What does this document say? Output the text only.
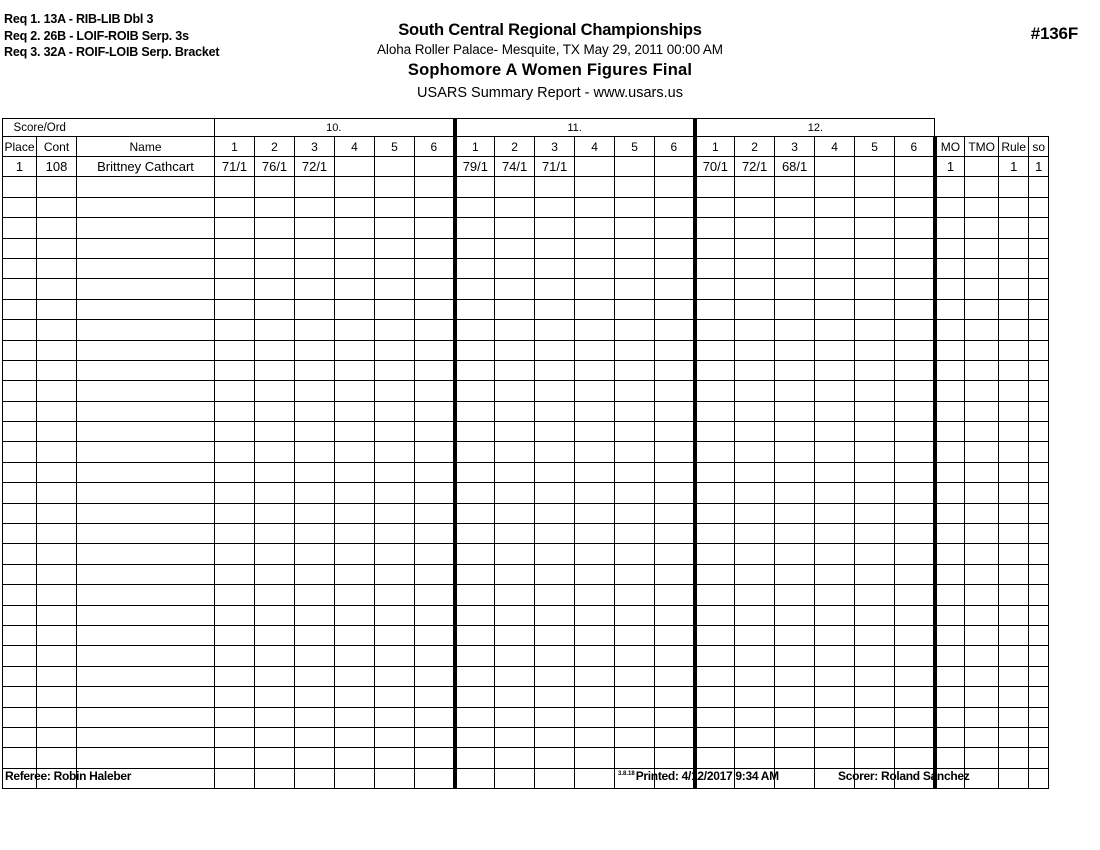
Req 1. 13A - RIB-LIB Dbl 3
Req 2. 26B - LOIF-ROIB Serp. 3s
Req 3. 32A - ROIF-LOIB Serp. Bracket
South Central Regional Championships
Aloha Roller Palace- Mesquite, TX May 29, 2011 00:00 AM
Sophomore A Women Figures Final
USARS Summary Report - www.usars.us
#136F
Score/Ord			10.						11.						12.									
Place	Cont	Name	1	2	3	4	5	6	1	2	3	4	5	6	1	2	3	4	5	6	MO	TMO	Rule	so
1	108	Brittney Cathcart	71/1	76/1	72/1				79/1	74/1	71/1				70/1	72/1	68/1				1		1	1

Referee: Robin Haleber	$^{3.8.18}$Printed: 4/12/2017 9:34 AM	Scorer: Roland Sanchez
